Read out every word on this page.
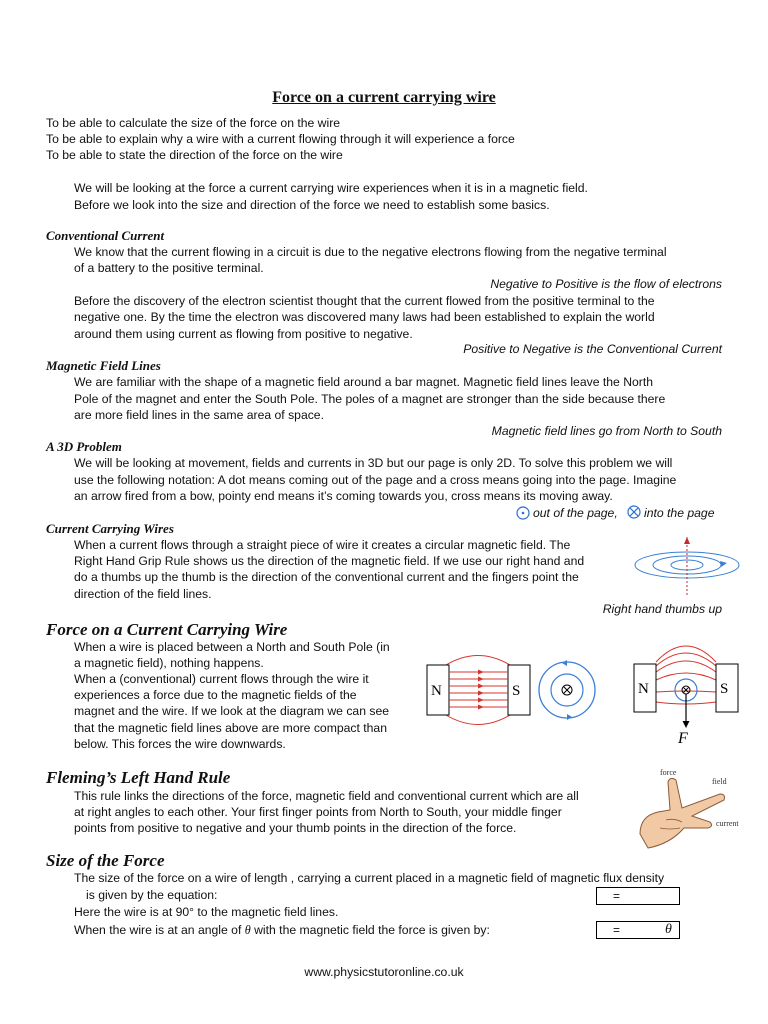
Force on a current carrying wire
To be able to calculate the size of the force on the wire
To be able to explain why a wire with a current flowing through it will experience a force
To be able to state the direction of the force on the wire
We will be looking at the force a current carrying wire experiences when it is in a magnetic field.
Before we look into the size and direction of the force we need to establish some basics.
Conventional Current
We know that the current flowing in a circuit is due to the negative electrons flowing from the negative terminal
of a battery to the positive terminal.
Negative to Positive is the flow of electrons
Before the discovery of the electron scientist thought that the current flowed from the positive terminal to the
negative one. By the time the electron was discovered many laws had been established to explain the world
around them using current as flowing from positive to negative.
Positive to Negative is the Conventional Current
Magnetic Field Lines
We are familiar with the shape of a magnetic field around a bar magnet. Magnetic field lines leave the North
Pole of the magnet and enter the South Pole. The poles of a magnet are stronger than the side because there
are more field lines in the same area of space.
Magnetic field lines go from North to South
A 3D Problem
We will be looking at movement, fields and currents in 3D but our page is only 2D. To solve this problem we will
use the following notation: A dot means coming out of the page and a cross means going into the page. Imagine
an arrow fired from a bow, pointy end means it’s coming towards you, cross means its moving away.
out of the page, into the page
Current Carrying Wires
When a current flows through a straight piece of wire it creates a circular magnetic field. The
Right Hand Grip Rule shows us the direction of the magnetic field. If we use our right hand and
do a thumbs up the thumb is the direction of the conventional current and the fingers point the
direction of the field lines.
Right hand thumbs up
Force on a Current Carrying Wire
When a wire is placed between a North and South Pole (in
a magnetic field), nothing happens.
When a (conventional) current flows through the wire it
experiences a force due to the magnetic fields of the
magnet and the wire. If we look at the diagram we can see
that the magnetic field lines above are more compact than
below. This forces the wire downwards.
N	S	N	S
F
Fleming’s Left Hand Rule
This rule links the directions of the force, magnetic field and conventional current which are all
at right angles to each other. Your first finger points from North to South, your middle finger
points from positive to negative and your thumb points in the direction of the force.
force
field
current
Size of the Force
The size of the force on a wire of length , carrying a current placed in a magnetic field of magnetic flux density
is given by the equation:
Here the wire is at 90° to the magnetic field lines.
When the wire is at an angle of θ with the magnetic field the force is given by:
=
=	θ
www.physicstutoronline.co.uk
